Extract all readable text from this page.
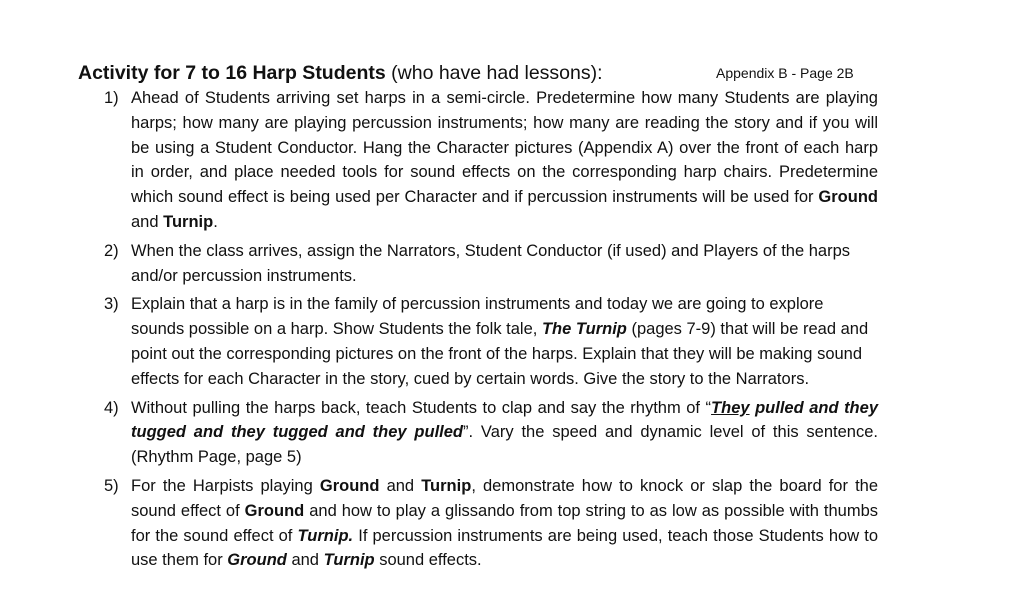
Activity for 7 to 16 Harp Students (who have had lessons):	Appendix B - Page 2B
1) Ahead of Students arriving set harps in a semi-circle. Predetermine how many Students are playing harps; how many are playing percussion instruments; how many are reading the story and if you will be using a Student Conductor. Hang the Character pictures (Appendix A) over the front of each harp in order, and place needed tools for sound effects on the corresponding harp chairs. Predetermine which sound effect is being used per Character and if percussion instruments will be used for Ground and Turnip.
2) When the class arrives, assign the Narrators, Student Conductor (if used) and Players of the harps and/or percussion instruments.
3) Explain that a harp is in the family of percussion instruments and today we are going to explore sounds possible on a harp. Show Students the folk tale, The Turnip (pages 7-9) that will be read and point out the corresponding pictures on the front of the harps. Explain that they will be making sound effects for each Character in the story, cued by certain words. Give the story to the Narrators.
4) Without pulling the harps back, teach Students to clap and say the rhythm of “They pulled and they tugged and they tugged and they pulled”. Vary the speed and dynamic level of this sentence. (Rhythm Page, page 5)
5) For the Harpists playing Ground and Turnip, demonstrate how to knock or slap the board for the sound effect of Ground and how to play a glissando from top string to as low as possible with thumbs for the sound effect of Turnip. If percussion instruments are being used, teach those Students how to use them for Ground and Turnip sound effects.
